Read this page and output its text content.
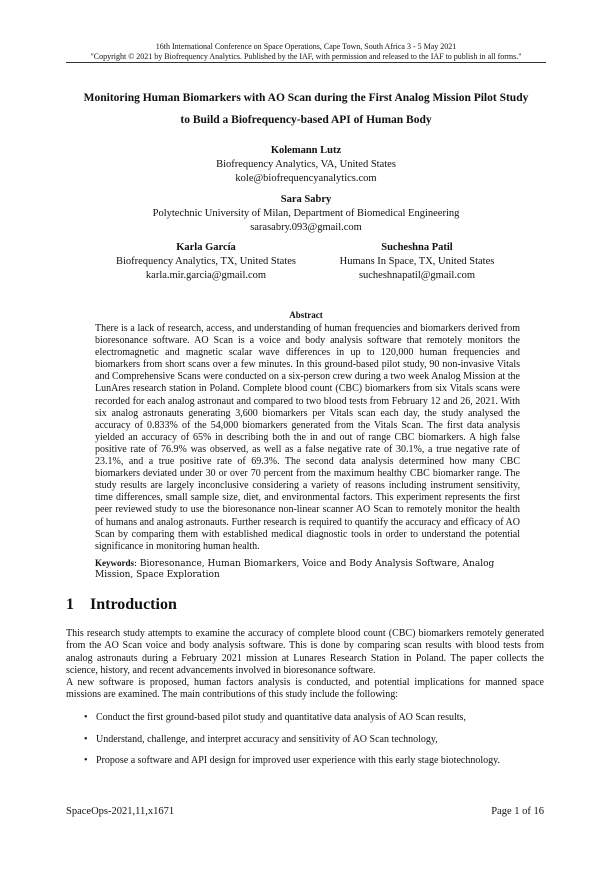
16th International Conference on Space Operations, Cape Town, South Africa 3 - 5 May 2021
"Copyright © 2021 by Biofrequency Analytics. Published by the IAF, with permission and released to the IAF to publish in all forms."
Monitoring Human Biomarkers with AO Scan during the First Analog Mission Pilot Study
to Build a Biofrequency-based API of Human Body
Kolemann Lutz
Biofrequency Analytics, VA, United States
kole@biofrequencyanalytics.com
Sara Sabry
Polytechnic University of Milan, Department of Biomedical Engineering
sarasabry.093@gmail.com
Karla García
Biofrequency Analytics, TX, United States
karla.mir.garcia@gmail.com
Sucheshna Patil
Humans In Space, TX, United States
sucheshnapatil@gmail.com
Abstract
There is a lack of research, access, and understanding of human frequencies and biomarkers derived from bioresonance software. AO Scan is a voice and body analysis software that remotely monitors the electromagnetic and magnetic scalar wave differences in up to 120,000 human frequencies and biomarkers from short scans over a few minutes. In this ground-based pilot study, 90 non-invasive Vitals and Comprehensive Scans were conducted on a six-person crew during a two week Analog Mission at the LunAres research station in Poland. Complete blood count (CBC) biomarkers from six Vitals scans were recorded for each analog astronaut and compared to two blood tests from February 12 and 26, 2021. With six analog astronauts generating 3,600 biomarkers per Vitals scan each day, the study analysed the accuracy of 0.833% of the 54,000 biomarkers generated from the Vitals Scan. The first data analysis yielded an accuracy of 65% in describing both the in and out of range CBC biomarkers. A high false positive rate of 76.9% was observed, as well as a false negative rate of 30.1%, a true negative rate of 23.1%, and a true positive rate of 69.3%. The second data analysis determined how many CBC biomarkers deviated under 30 or over 70 percent from the maximum healthy CBC biomarker range. The study results are largely inconclusive considering a variety of reasons including instrument sensitivity, time differences, small sample size, diet, and environmental factors. This experiment represents the first peer reviewed study to use the bioresonance non-linear scanner AO Scan to remotely monitor the health of humans and analog astronauts. Further research is required to quantify the accuracy and efficacy of AO Scan by comparing them with established medical diagnostic tools in order to understand the potential significance in monitoring human health.
Keywords: Bioresonance, Human Biomarkers, Voice and Body Analysis Software, Analog Mission, Space Exploration
1 Introduction
This research study attempts to examine the accuracy of complete blood count (CBC) biomarkers remotely generated from the AO Scan voice and body analysis software. This is done by comparing scan results with blood tests from analog astronauts during a February 2021 mission at Lunares Research Station in Poland. The paper collects the science, history, and recent advancements involved in bioresonance software.
A new software is proposed, human factors analysis is conducted, and potential implications for manned space missions are examined. The main contributions of this study include the following:
• Conduct the first ground-based pilot study and quantitative data analysis of AO Scan results,
• Understand, challenge, and interpret accuracy and sensitivity of AO Scan technology,
• Propose a software and API design for improved user experience with this early stage biotechnology.
SpaceOps-2021,11,x1671	Page 1 of 16
